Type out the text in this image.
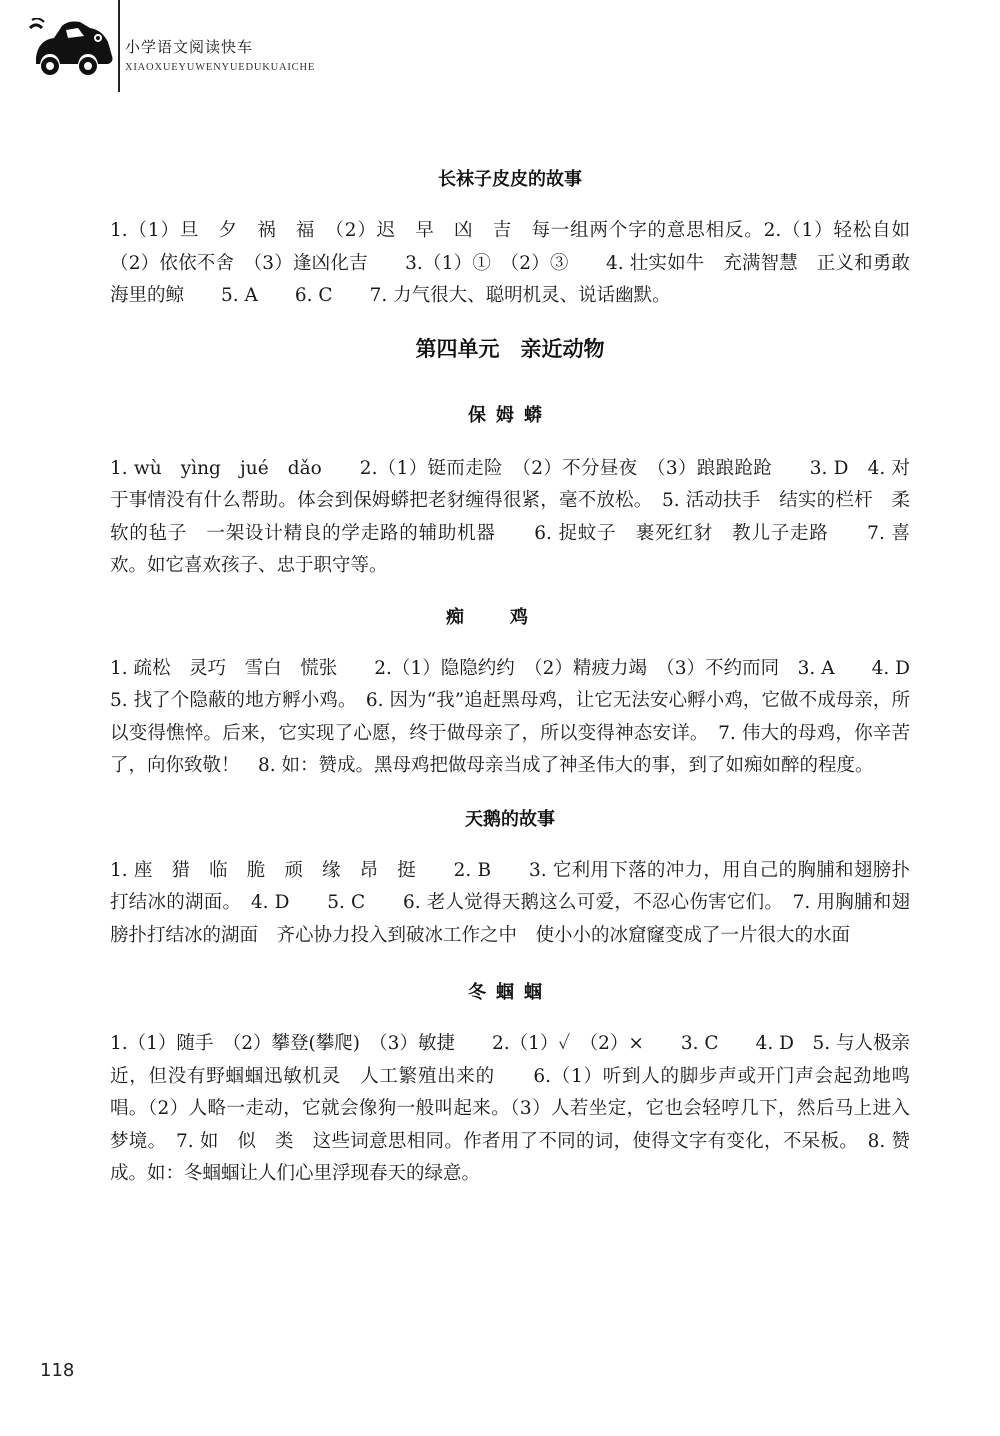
小学语文阅读快车
XIAOXUEYUWENYUEDUKUAICHE
长袜子皮皮的故事

1.（1）旦　夕　祸　福　（2）迟　早　凶　吉　每一组两个字的意思相反。2.（1）轻松自如　（2）依依不舍　（3）逢凶化吉　　3.（1）①　（2）③　　4. 壮实如牛　充满智慧　正义和勇敢　海里的鲸　　5. A　　6. C　　7. 力气很大、聪明机灵、说话幽默。

第四单元　亲近动物
保姆蟒

1. wù　yìng　jué　dǎo　　2.（1）铤而走险　（2）不分昼夜　（3）踉踉跄跄　　3. D　4. 对于事情没有什么帮助。体会到保姆蟒把老豺缠得很紧，毫不放松。　5. 活动扶手　结实的栏杆　柔软的毡子　一架设计精良的学走路的辅助机器　　6. 捉蚊子　裹死红豺　教儿子走路　　7. 喜欢。如它喜欢孩子、忠于职守等。

痴鸡

1. 疏松　灵巧　雪白　慌张　　2.（1）隐隐约约　（2）精疲力竭　（3）不约而同　3. A　　4. D　　5. 找了个隐蔽的地方孵小鸡。　6. 因为“我”追赶黑母鸡，让它无法安心孵小鸡，它做不成母亲，所以变得憔悴。后来，它实现了心愿，终于做母亲了，所以变得神态安详。　7. 伟大的母鸡，你辛苦了，向你致敬！　8. 如：赞成。黑母鸡把做母亲当成了神圣伟大的事，到了如痴如醉的程度。

天鹅的故事

1. 座　猎　临　脆　顽　缘　昂　挺　　2. B　　3. 它利用下落的冲力，用自己的胸脯和翅膀扑打结冰的湖面。　4. D　　5. C　　6. 老人觉得天鹅这么可爱，不忍心伤害它们。　7. 用胸脯和翅膀扑打结冰的湖面　齐心协力投入到破冰工作之中　使小小的冰窟窿变成了一片很大的水面

冬蝈蝈

1.（1）随手　（2）攀登(攀爬)　（3）敏捷　　2.（1）✓　（2）×　　3. C　　4. D　5. 与人极亲近，但没有野蝈蝈迅敏机灵　人工繁殖出来的　　6.（1）听到人的脚步声或开门声会起劲地鸣唱。（2）人略一走动，它就会像狗一般叫起来。（3）人若坐定，它也会轻哼几下，然后马上进入梦境。　7. 如　似　类　这些词意思相同。作者用了不同的词，使得文字有变化，不呆板。　8. 赞成。如：冬蝈蝈让人们心里浮现春天的绿意。

118
